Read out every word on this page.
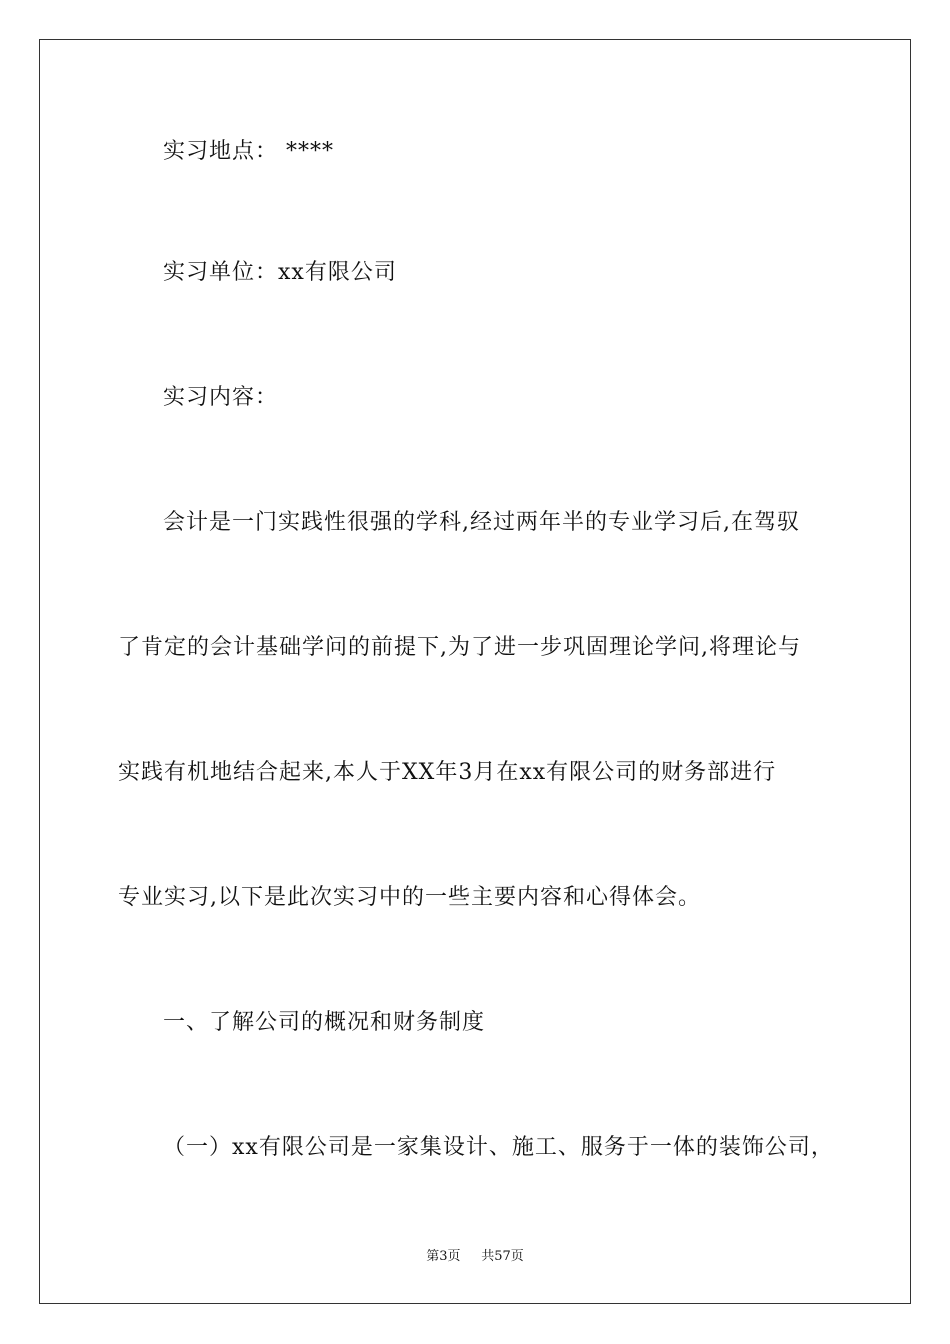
实习地点： ****
实习单位：xx有限公司
实习内容：
会计是一门实践性很强的学科,经过两年半的专业学习后,在驾驭
了肯定的会计基础学问的前提下,为了进一步巩固理论学问,将理论与
实践有机地结合起来,本人于XX年3月在xx有限公司的财务部进行
专业实习,以下是此次实习中的一些主要内容和心得体会。
一、了解公司的概况和财务制度
（一）xx有限公司是一家集设计、施工、服务于一体的装饰公司，
第3页 共57页
